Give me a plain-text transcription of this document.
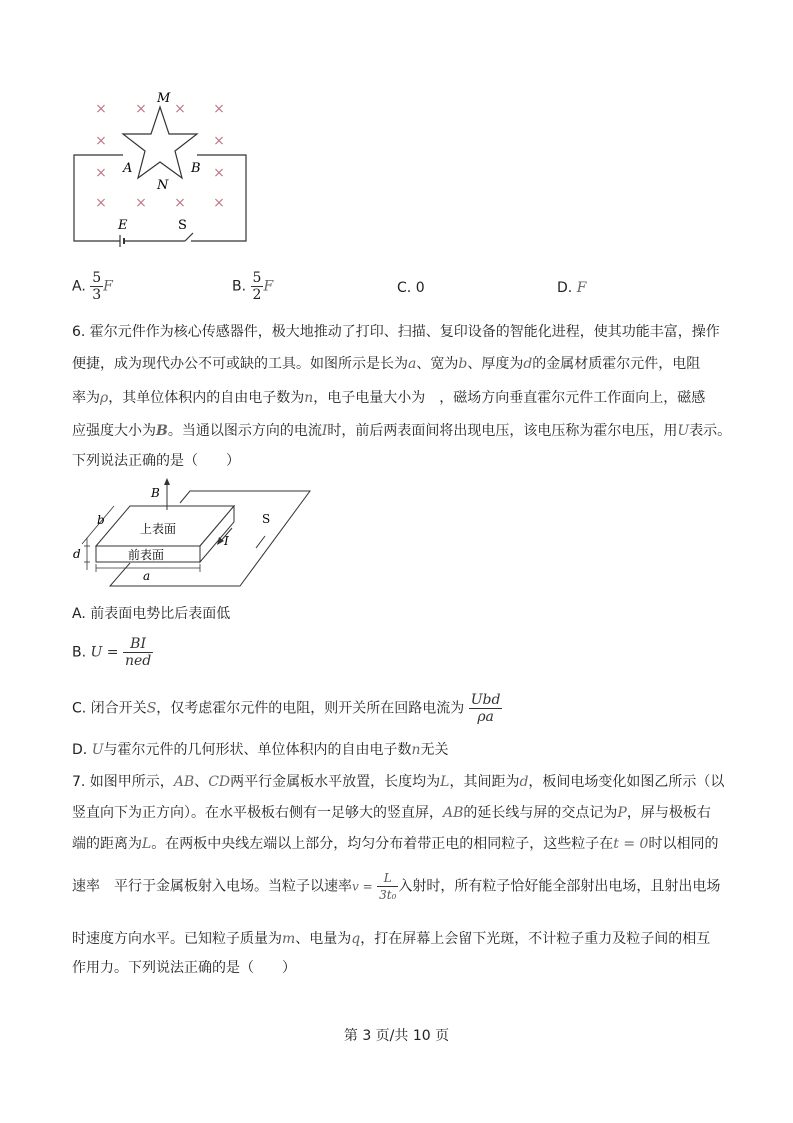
× × × ×
×	×
×	×
× × × ×
M
N
A	B
E	S
A. $\frac{5}{3}$ F	B. $\frac{5}{2}$ F	C. 0	D. F
6. 霍尔元件作为核心传感器件，极大地推动了打印、扫描、复印设备的智能化进程，使其功能丰富，操作
便捷，成为现代办公不可或缺的工具。如图所示是长为a、宽为b、厚度为d的金属材质霍尔元件，电阻
率为ρ，其单位体积内的自由电子数为n，电子电量大小为　，磁场方向垂直霍尔元件工作面向上，磁感
应强度大小为B。当通以图示方向的电流I时，前后两表面间将出现电压，该电压称为霍尔电压，用U表示。
下列说法正确的是（　　）
B
上表面
前表面
b
d
a
I
S
A. 前表面电势比后表面低
B. $U = \frac{BI}{\text{ned}}$
C. 闭合开关S，仅考虑霍尔元件的电阻，则开关所在回路电流为 $\frac{\text{Ubd}}{\rho a}$
D. U与霍尔元件的几何形状、单位体积内的自由电子数n无关
7. 如图甲所示，AB、CD两平行金属板水平放置，长度均为L，其间距为d，板间电场变化如图乙所示（以
竖直向下为正方向）。在水平极板右侧有一足够大的竖直屏，AB的延长线与屏的交点记为P，屏与极板右
端的距离为L。在两板中央线左端以上部分，均匀分布着带正电的相同粒子，这些粒子在t = 0时以相同的
速率　平行于金属板射入电场。当粒子以速率$v = \frac{L}{\text{3t₀}}$ 入射时，所有粒子恰好能全部射出电场，且射出电场
时速度方向水平。已知粒子质量为m、电量为q，打在屏幕上会留下光斑，不计粒子重力及粒子间的相互
作用力。下列说法正确的是（　　）
第 3 页/共 10 页
